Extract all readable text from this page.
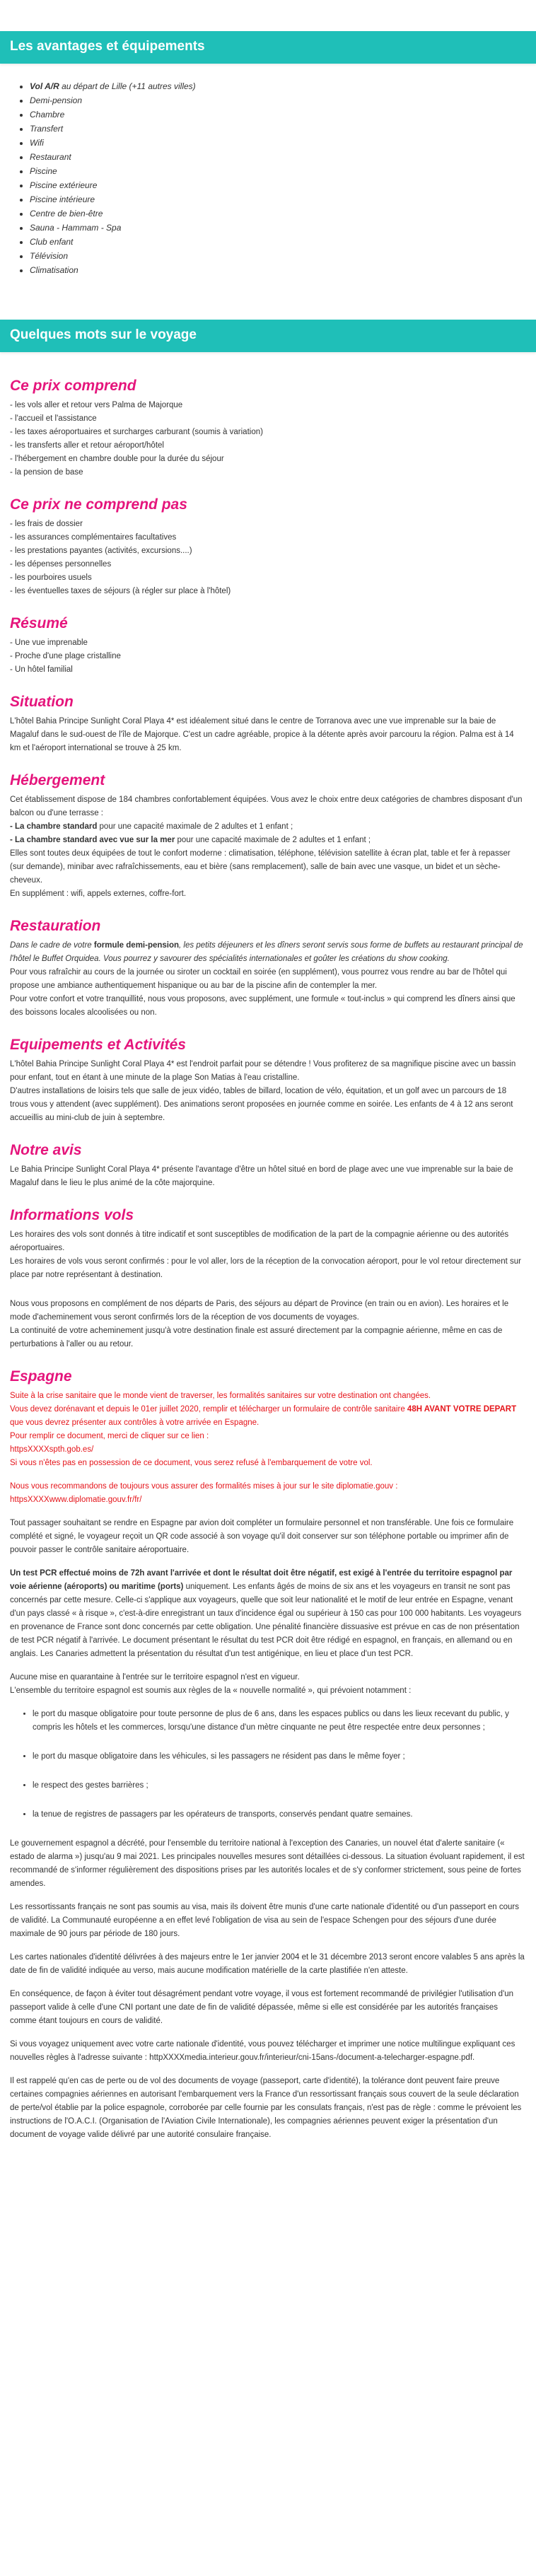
Les avantages et équipements
• Vol A/R au départ de Lille (+11 autres villes)
• Demi-pension
• Chambre
• Transfert
• Wifi
• Restaurant
• Piscine
• Piscine extérieure
• Piscine intérieure
• Centre de bien-être
• Sauna - Hammam - Spa
• Club enfant
• Télévision
• Climatisation
Quelques mots sur le voyage
Ce prix comprend

- les vols aller et retour vers Palma de Majorque

- l'accueil et l'assistance

- les taxes aéroportuaires et surcharges carburant (soumis à variation)

- les transferts aller et retour aéroport/hôtel

- l'hébergement en chambre double pour la durée du séjour

- la pension de base

Ce prix ne comprend pas

- les frais de dossier

- les assurances complémentaires facultatives

- les prestations payantes (activités, excursions....)

- les dépenses personnelles

- les pourboires usuels

- les éventuelles taxes de séjours (à régler sur place à l'hôtel)

Résumé

- Une vue imprenable

- Proche d'une plage cristalline

- Un hôtel familial

Situation

L'hôtel Bahia Principe Sunlight Coral Playa 4* est idéalement situé dans le centre de Torranova avec une vue imprenable sur la baie de Magaluf dans le sud-ouest de l'île de Majorque. C'est un cadre agréable, propice à la détente après avoir parcouru la région. Palma est à 14 km et l'aéroport international se trouve à 25 km.

Hébergement

Cet établissement dispose de 184 chambres confortablement équipées. Vous avez le choix entre deux catégories de chambres disposant d'un balcon ou d'une terrasse :

- La chambre standard pour une capacité maximale de 2 adultes et 1 enfant ;

- La chambre standard avec vue sur la mer pour une capacité maximale de 2 adultes et 1 enfant ;

Elles sont toutes deux équipées de tout le confort moderne : climatisation, téléphone, télévision satellite à écran plat, table et fer à repasser (sur demande), minibar avec rafraîchissements, eau et bière (sans remplacement), salle de bain avec une vasque, un bidet et un sèche-cheveux.

En supplément : wifi, appels externes, coffre-fort.

Restauration

Dans le cadre de votre formule demi-pension, les petits déjeuners et les dîners seront servis sous forme de buffets au restaurant principal de l'hôtel le Buffet Orquidea. Vous pourrez y savourer des spécialités internationales et goûter les créations du show cooking.

Pour vous rafraîchir au cours de la journée ou siroter un cocktail en soirée (en supplément), vous pourrez vous rendre au bar de l'hôtel qui propose une ambiance authentiquement hispanique ou au bar de la piscine afin de contempler la mer.

Pour votre confort et votre tranquillité, nous vous proposons, avec supplément, une formule « tout-inclus » qui comprend les dîners ainsi que des boissons locales alcoolisées ou non.

Equipements et Activités

L'hôtel Bahia Principe Sunlight Coral Playa 4* est l'endroit parfait pour se détendre ! Vous profiterez de sa magnifique piscine avec un bassin pour enfant, tout en étant à une minute de la plage Son Matias à l'eau cristalline.

D'autres installations de loisirs tels que salle de jeux vidéo, tables de billard, location de vélo, équitation, et un golf avec un parcours de 18 trous vous y attendent (avec supplément). Des animations seront proposées en journée comme en soirée. Les enfants de 4 à 12 ans seront accueillis au mini-club de juin à septembre.

Notre avis

Le Bahia Principe Sunlight Coral Playa 4* présente l'avantage d'être un hôtel situé en bord de plage avec une vue imprenable sur la baie de Magaluf dans le lieu le plus animé de la côte majorquine.

Informations vols

Les horaires des vols sont donnés à titre indicatif et sont susceptibles de modification de la part de la compagnie aérienne ou des autorités aéroportuaires.

Les horaires de vols vous seront confirmés : pour le vol aller, lors de la réception de la convocation aéroport, pour le vol retour directement sur place par notre représentant à destination.

Nous vous proposons en complément de nos départs de Paris, des séjours au départ de Province (en train ou en avion). Les horaires et le mode d'acheminement vous seront confirmés lors de la réception de vos documents de voyages.

La continuité de votre acheminement jusqu'à votre destination finale est assuré directement par la compagnie aérienne, même en cas de perturbations à l'aller ou au retour.

Espagne

Suite à la crise sanitaire que le monde vient de traverser, les formalités sanitaires sur votre destination ont changées.

Vous devez dorénavant et depuis le 01er juillet 2020, remplir et télécharger un formulaire de contrôle sanitaire 48H AVANT VOTRE DEPART que vous devrez présenter aux contrôles à votre arrivée en Espagne.

Pour remplir ce document, merci de cliquer sur ce lien :

httpsXXXXspth.gob.es/

Si vous n'êtes pas en possession de ce document, vous serez refusé à l'embarquement de votre vol.

Nous vous recommandons de toujours vous assurer des formalités mises à jour sur le site diplomatie.gouv : httpsXXXXwww.diplomatie.gouv.fr/fr/

Tout passager souhaitant se rendre en Espagne par avion doit compléter un formulaire personnel et non transférable. Une fois ce formulaire complété et signé, le voyageur reçoit un QR code associé à son voyage qu'il doit conserver sur son téléphone portable ou imprimer afin de pouvoir passer le contrôle sanitaire aéroportuaire.

Un test PCR effectué moins de 72h avant l'arrivée et dont le résultat doit être négatif, est exigé à l'entrée du territoire espagnol par voie aérienne (aéroports) ou maritime (ports) uniquement. Les enfants âgés de moins de six ans et les voyageurs en transit ne sont pas concernés par cette mesure. Celle-ci s'applique aux voyageurs, quelle que soit leur nationalité et le motif de leur entrée en Espagne, venant d'un pays classé « à risque », c'est-à-dire enregistrant un taux d'incidence égal ou supérieur à 150 cas pour 100 000 habitants. Les voyageurs en provenance de France sont donc concernés par cette obligation. Une pénalité financière dissuasive est prévue en cas de non présentation de test PCR négatif à l'arrivée. Le document présentant le résultat du test PCR doit être rédigé en espagnol, en français, en allemand ou en anglais. Les Canaries admettent la présentation du résultat d'un test antigénique, en lieu et place d'un test PCR.

Aucune mise en quarantaine à l'entrée sur le territoire espagnol n'est en vigueur.

L'ensemble du territoire espagnol est soumis aux règles de la « nouvelle normalité », qui prévoient notamment :

• le port du masque obligatoire pour toute personne de plus de 6 ans, dans les espaces publics ou dans les lieux recevant du public, y compris les hôtels et les commerces, lorsqu'une distance d'un mètre cinquante ne peut être respectée entre deux personnes ;
• le port du masque obligatoire dans les véhicules, si les passagers ne résident pas dans le même foyer ;
• le respect des gestes barrières ;
• la tenue de registres de passagers par les opérateurs de transports, conservés pendant quatre semaines.

Le gouvernement espagnol a décrété, pour l'ensemble du territoire national à l'exception des Canaries, un nouvel état d'alerte sanitaire (« estado de alarma ») jusqu'au 9 mai 2021. Les principales nouvelles mesures sont détaillées ci-dessous. La situation évoluant rapidement, il est recommandé de s'informer régulièrement des dispositions prises par les autorités locales et de s'y conformer strictement, sous peine de fortes amendes.

Les ressortissants français ne sont pas soumis au visa, mais ils doivent être munis d'une carte nationale d'identité ou d'un passeport en cours de validité. La Communauté européenne a en effet levé l'obligation de visa au sein de l'espace Schengen pour des séjours d'une durée maximale de 90 jours par période de 180 jours.

Les cartes nationales d'identité délivrées à des majeurs entre le 1er janvier 2004 et le 31 décembre 2013 seront encore valables 5 ans après la date de fin de validité indiquée au verso, mais aucune modification matérielle de la carte plastifiée n'en atteste.

En conséquence, de façon à éviter tout désagrément pendant votre voyage, il vous est fortement recommandé de privilégier l'utilisation d'un passeport valide à celle d'une CNI portant une date de fin de validité dépassée, même si elle est considérée par les autorités françaises comme étant toujours en cours de validité.

Si vous voyagez uniquement avec votre carte nationale d'identité, vous pouvez télécharger et imprimer une notice multilingue expliquant ces nouvelles règles à l'adresse suivante : httpXXXXmedia.interieur.gouv.fr/interieur/cni-15ans-/document-a-telecharger-espagne.pdf.

Il est rappelé qu'en cas de perte ou de vol des documents de voyage (passeport, carte d'identité), la tolérance dont peuvent faire preuve certaines compagnies aériennes en autorisant l'embarquement vers la France d'un ressortissant français sous couvert de la seule déclaration de perte/vol établie par la police espagnole, corroborée par celle fournie par les consulats français, n'est pas de règle : comme le prévoient les instructions de l'O.A.C.I. (Organisation de l'Aviation Civile Internationale), les compagnies aériennes peuvent exiger la présentation d'un document de voyage valide délivré par une autorité consulaire française.
